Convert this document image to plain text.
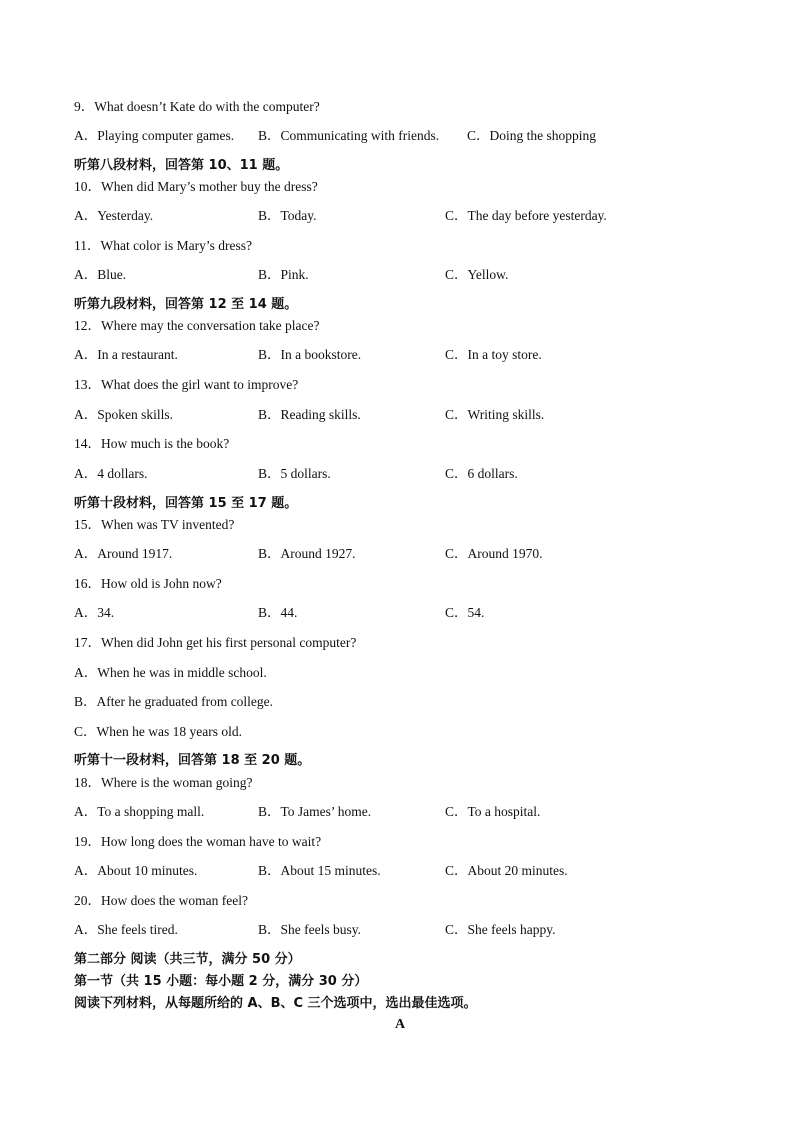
9．What doesn’t Kate do with the computer?
A．Playing computer games. B．Communicating with friends. C．Doing the shopping
听第八段材料，回答第 10、11 题。
10．When did Mary’s mother buy the dress?
A．Yesterday.	B．Today.	C．The day before yesterday.
11．What color is Mary’s dress?
A．Blue.	B．Pink.	C．Yellow.
听第九段材料，回答第 12 至 14 题。
12．Where may the conversation take place?
A．In a restaurant.	B．In a bookstore.	C．In a toy store.
13．What does the girl want to improve?
A．Spoken skills.	B．Reading skills.	C．Writing skills.
14．How much is the book?
A．4 dollars.	B．5 dollars.	C．6 dollars.
听第十段材料，回答第 15 至 17 题。
15．When was TV invented?
A．Around 1917.	B．Around 1927.	C．Around 1970.
16．How old is John now?
A．34.	B．44.	C．54.
17．When did John get his first personal computer?
A．When he was in middle school.
B．After he graduated from college.
C．When he was 18 years old.
听第十一段材料，回答第 18 至 20 题。
18．Where is the woman going?
A．To a shopping mall.	B．To James’ home.	C．To a hospital.
19．How long does the woman have to wait?
A．About 10 minutes.	B．About 15 minutes.	C．About 20 minutes.
20．How does the woman feel?
A．She feels tired.	B．She feels busy.	C．She feels happy.
第二部分 阅读（共三节，满分 50 分）
第一节（共 15 小题：每小题 2 分，满分 30 分）
阅读下列材料，从每题所给的 A、B、C 三个选项中，选出最佳选项。
A
